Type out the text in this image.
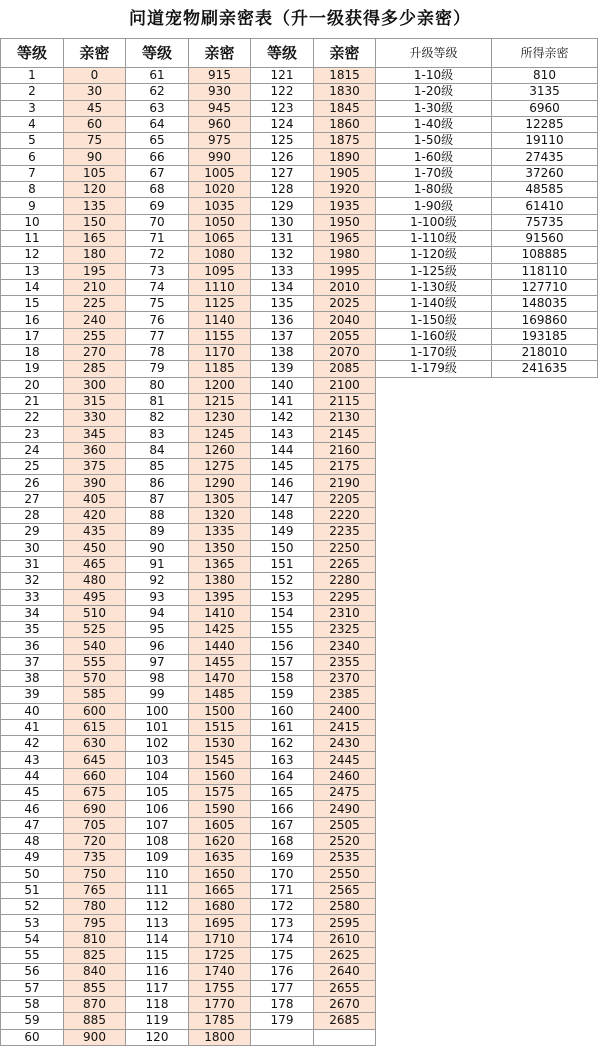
问道宠物刷亲密表（升一级获得多少亲密）
等级	亲密	等级	亲密	等级	亲密	升级等级	所得亲密
1	0	61	915	121	1815	1-10级	810
2	30	62	930	122	1830	1-20级	3135
3	45	63	945	123	1845	1-30级	6960
4	60	64	960	124	1860	1-40级	12285
5	75	65	975	125	1875	1-50级	19110
6	90	66	990	126	1890	1-60级	27435
7	105	67	1005	127	1905	1-70级	37260
8	120	68	1020	128	1920	1-80级	48585
9	135	69	1035	129	1935	1-90级	61410
10	150	70	1050	130	1950	1-100级	75735
11	165	71	1065	131	1965	1-110级	91560
12	180	72	1080	132	1980	1-120级	108885
13	195	73	1095	133	1995	1-125级	118110
14	210	74	1110	134	2010	1-130级	127710
15	225	75	1125	135	2025	1-140级	148035
16	240	76	1140	136	2040	1-150级	169860
17	255	77	1155	137	2055	1-160级	193185
18	270	78	1170	138	2070	1-170级	218010
19	285	79	1185	139	2085	1-179级	241635
20	300	80	1200	140	2100		
21	315	81	1215	141	2115		
22	330	82	1230	142	2130		
23	345	83	1245	143	2145		
24	360	84	1260	144	2160		
25	375	85	1275	145	2175		
26	390	86	1290	146	2190		
27	405	87	1305	147	2205		
28	420	88	1320	148	2220		
29	435	89	1335	149	2235		
30	450	90	1350	150	2250		
31	465	91	1365	151	2265		
32	480	92	1380	152	2280		
33	495	93	1395	153	2295		
34	510	94	1410	154	2310		
35	525	95	1425	155	2325		
36	540	96	1440	156	2340		
37	555	97	1455	157	2355		
38	570	98	1470	158	2370		
39	585	99	1485	159	2385		
40	600	100	1500	160	2400		
41	615	101	1515	161	2415		
42	630	102	1530	162	2430		
43	645	103	1545	163	2445		
44	660	104	1560	164	2460		
45	675	105	1575	165	2475		
46	690	106	1590	166	2490		
47	705	107	1605	167	2505		
48	720	108	1620	168	2520		
49	735	109	1635	169	2535		
50	750	110	1650	170	2550		
51	765	111	1665	171	2565		
52	780	112	1680	172	2580		
53	795	113	1695	173	2595		
54	810	114	1710	174	2610		
55	825	115	1725	175	2625		
56	840	116	1740	176	2640		
57	855	117	1755	177	2655		
58	870	118	1770	178	2670		
59	885	119	1785	179	2685		
60	900	120	1800				
